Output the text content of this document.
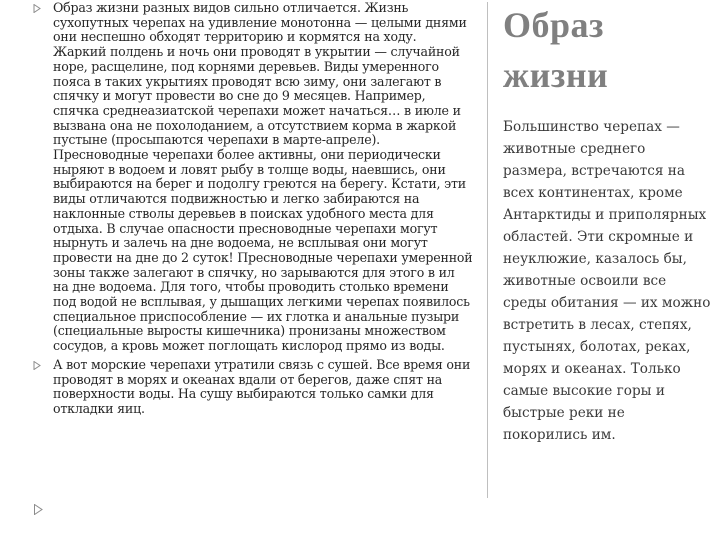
Образ жизни разных видов сильно отличается. Жизнь сухопутных черепах на удивление монотонна — целыми днями они неспешно обходят территорию и кормятся на ходу. Жаркий полдень и ночь они проводят в укрытии — случайной норе, расщелине, под корнями деревьев. Виды умеренного пояса в таких укрытиях проводят всю зиму, они залегают в спячку и могут провести во сне до 9 месяцев. Например, спячка среднеазиатской черепахи может начаться… в июле и вызвана она не похолоданием, а отсутствием корма в жаркой пустыне (просыпаются черепахи в марте-апреле). Пресноводные черепахи более активны, они периодически ныряют в водоем и ловят рыбу в толще воды, наевшись, они выбираются на берег и подолгу греются на берегу. Кстати, эти виды отличаются подвижностью и легко забираются на наклонные стволы деревьев в поисках удобного места для отдыха. В случае опасности пресноводные черепахи могут нырнуть и залечь на дне водоема, не всплывая они могут провести на дне до 2 суток! Пресноводные черепахи умеренной зоны также залегают в спячку, но зарываются для этого в ил на дне водоема. Для того, чтобы проводить столько времени под водой не всплывая, у дышащих легкими черепах появилось специальное приспособление — их глотка и анальные пузыри (специальные выросты кишечника) пронизаны множеством сосудов, а кровь может поглощать кислород прямо из воды.

А вот морские черепахи утратили связь с сушей. Все время они проводят в морях и океанах вдали от берегов, даже спят на поверхности воды. На сушу выбираются только самки для откладки яиц.

Образ жизни

Большинство черепах — животные среднего размера, встречаются на всех континентах, кроме Антарктиды и приполярных областей. Эти скромные и неуклюжие, казалось бы, животные освоили все среды обитания — их можно встретить в лесах, степях, пустынях, болотах, реках, морях и океанах. Только самые высокие горы и быстрые реки не покорились им.
